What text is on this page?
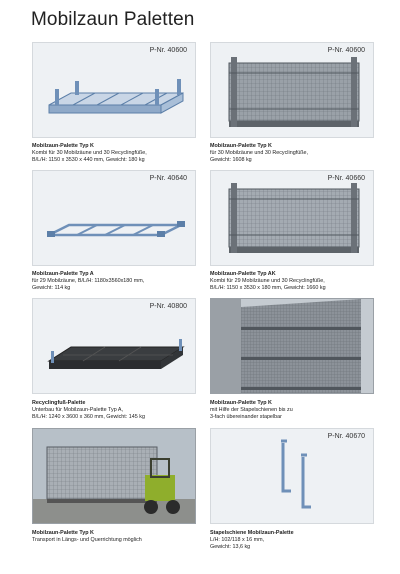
Mobilzaun Paletten
P-Nr. 40600
Mobilzaun-Palette Typ K
Kombi für 30 Mobilzäune und 30 Recyclingfüße,
B/L/H: 1150 x 3530 x 440 mm, Gewicht: 180 kg
P-Nr. 40600
Mobilzaun-Palette Typ K
für 30 Mobilzäune und 30 Recyclingfüße,
Gewicht: 1608 kg
P-Nr. 40640
Mobilzaun-Palette Typ A
für 29 Mobilzäune, B/L/H: 1180x3560x180 mm,
Gewicht: 114 kg
P-Nr. 40660
Mobilzaun-Palette Typ AK
Kombi für 29 Mobilzäune und 30 Recyclingfüße,
B/L/H: 1150 x 3530 x 180 mm, Gewicht: 1660 kg
P-Nr. 40800
Recyclingfuß-Palette
Unterbau für Mobilzaun-Palette Typ A,
B/L/H: 1240 x 3600 x 360 mm, Gewicht: 145 kg
Mobilzaun-Palette Typ K
mit Hilfe der Stapelschienen bis zu
3-fach übereinander stapelbar
Mobilzaun-Palette Typ K
Transport in Längs- und Querrichtung möglich
P-Nr. 40670
Stapelschiene Mobilzaun-Palette
L/H: 102/118 x 16 mm,
Gewicht: 13,6 kg
